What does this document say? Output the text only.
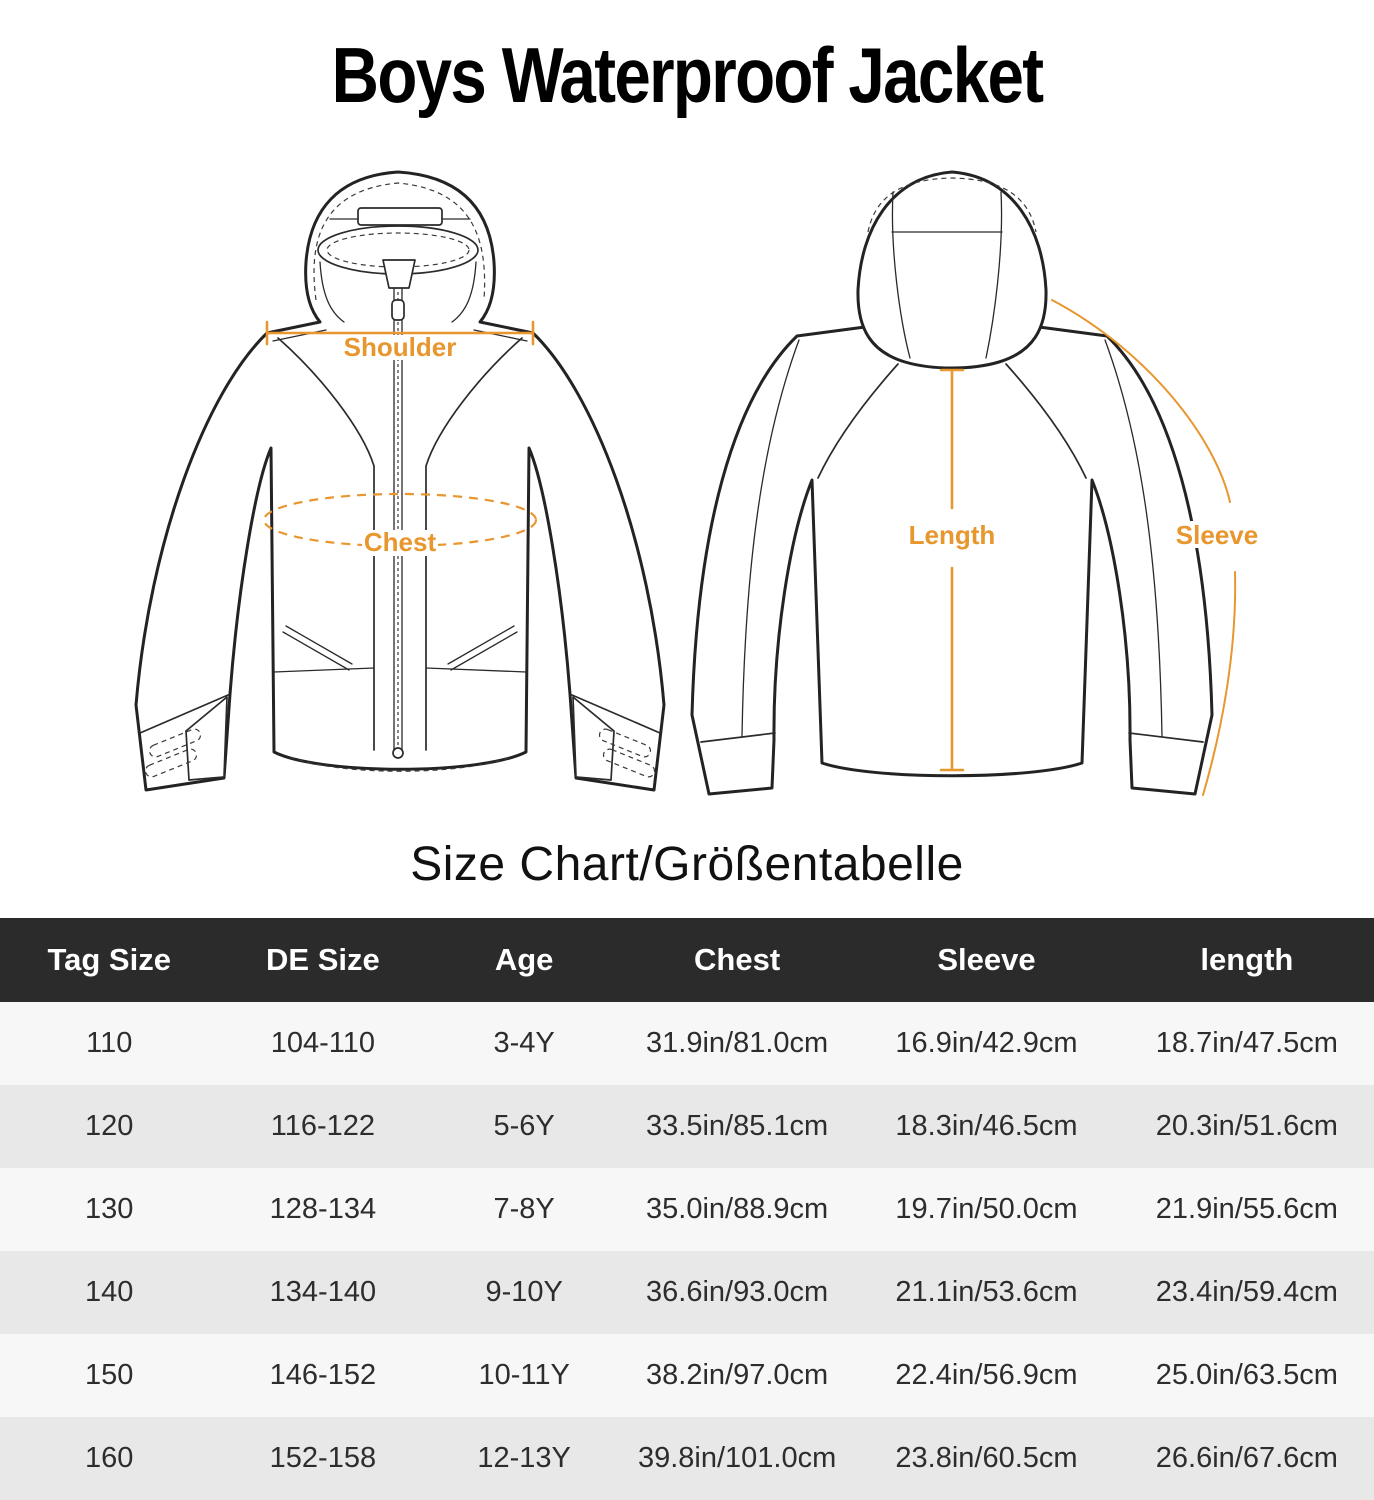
Boys Waterproof Jacket
Shoulder
Chest	Length	Sleeve
Size Chart/Größentabelle
Tag Size	DE Size	Age	Chest	Sleeve	length
110	104-110	3-4Y	31.9in/81.0cm	16.9in/42.9cm	18.7in/47.5cm
120	116-122	5-6Y	33.5in/85.1cm	18.3in/46.5cm	20.3in/51.6cm
130	128-134	7-8Y	35.0in/88.9cm	19.7in/50.0cm	21.9in/55.6cm
140	134-140	9-10Y	36.6in/93.0cm	21.1in/53.6cm	23.4in/59.4cm
150	146-152	10-11Y	38.2in/97.0cm	22.4in/56.9cm	25.0in/63.5cm
160	152-158	12-13Y	39.8in/101.0cm	23.8in/60.5cm	26.6in/67.6cm
